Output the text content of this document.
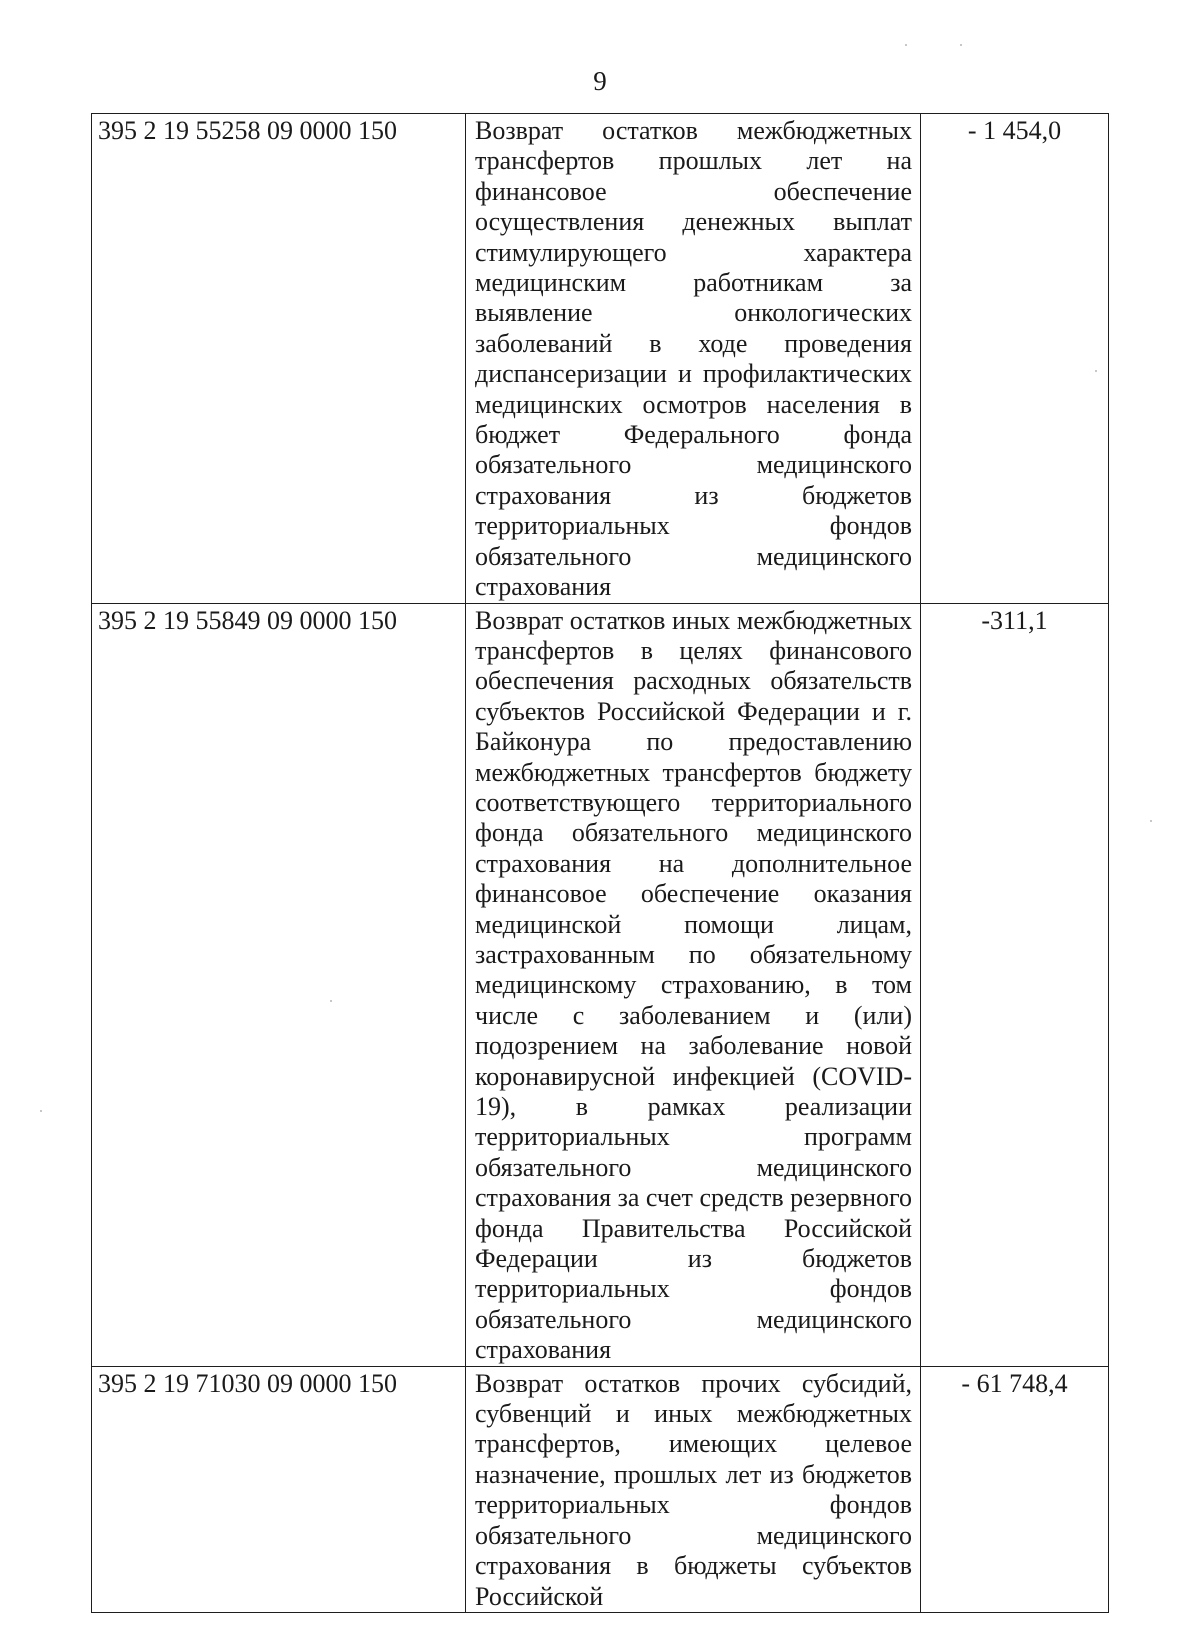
9
395 2 19 55258 09 0000 150	Возврат остатков межбюджетных трансфертов прошлых лет на финансовое обеспечение осуществления денежных выплат стимулирующего характера медицинским работникам за выявление онкологических заболеваний в ходе проведения диспансеризации и профилактических медицинских осмотров населения в бюджет Федерального фонда обязательного медицинского страхования из бюджетов территориальных фондов обязательного медицинского страхования	- 1 454,0
395 2 19 55849 09 0000 150	Возврат остатков иных межбюджетных трансфертов в целях финансового обеспечения расходных обязательств субъектов Российской Федерации и г. Байконура по предоставлению межбюджетных трансфертов бюджету соответствующего территориального фонда обязательного медицинского страхования на дополнительное финансовое обеспечение оказания медицинской помощи лицам, застрахованным по обязательному медицинскому страхованию, в том числе с заболеванием и (или) подозрением на заболевание новой коронавирусной инфекцией (COVID-19), в рамках реализации территориальных программ обязательного медицинского страхования за счет средств резервного фонда Правительства Российской Федерации из бюджетов территориальных фондов обязательного медицинского страхования	-311,1
395 2 19 71030 09 0000 150	Возврат остатков прочих субсидий, субвенций и иных межбюджетных трансфертов, имеющих целевое назначение, прошлых лет из бюджетов территориальных фондов обязательного медицинского страхования в бюджеты субъектов Российской	- 61 748,4
